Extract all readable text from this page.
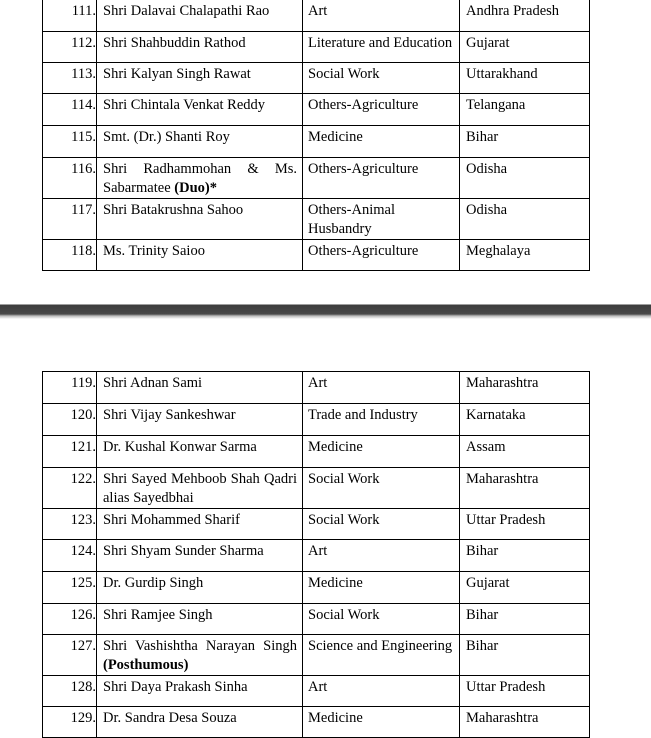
111.	Shri Dalavai Chalapathi Rao	Art	Andhra Pradesh
112.	Shri Shahbuddin Rathod	Literature and Education	Gujarat
113.	Shri Kalyan Singh Rawat	Social Work	Uttarakhand
114.	Shri Chintala Venkat Reddy	Others-Agriculture	Telangana
115.	Smt. (Dr.) Shanti Roy	Medicine	Bihar
116.	Shri Radhammohan & Ms. Sabarmatee (Duo)*	Others-Agriculture	Odisha
117.	Shri Batakrushna Sahoo	Others-Animal Husbandry	Odisha
118.	Ms. Trinity Saioo	Others-Agriculture	Meghalaya
119.	Shri Adnan Sami	Art	Maharashtra
120.	Shri Vijay Sankeshwar	Trade and Industry	Karnataka
121.	Dr. Kushal Konwar Sarma	Medicine	Assam
122.	Shri Sayed Mehboob Shah Qadri alias Sayedbhai	Social Work	Maharashtra
123.	Shri Mohammed Sharif	Social Work	Uttar Pradesh
124.	Shri Shyam Sunder Sharma	Art	Bihar
125.	Dr. Gurdip Singh	Medicine	Gujarat
126.	Shri Ramjee Singh	Social Work	Bihar
127.	Shri Vashishtha Narayan Singh (Posthumous)	Science and Engineering	Bihar
128.	Shri Daya Prakash Sinha	Art	Uttar Pradesh
129.	Dr. Sandra Desa Souza	Medicine	Maharashtra
